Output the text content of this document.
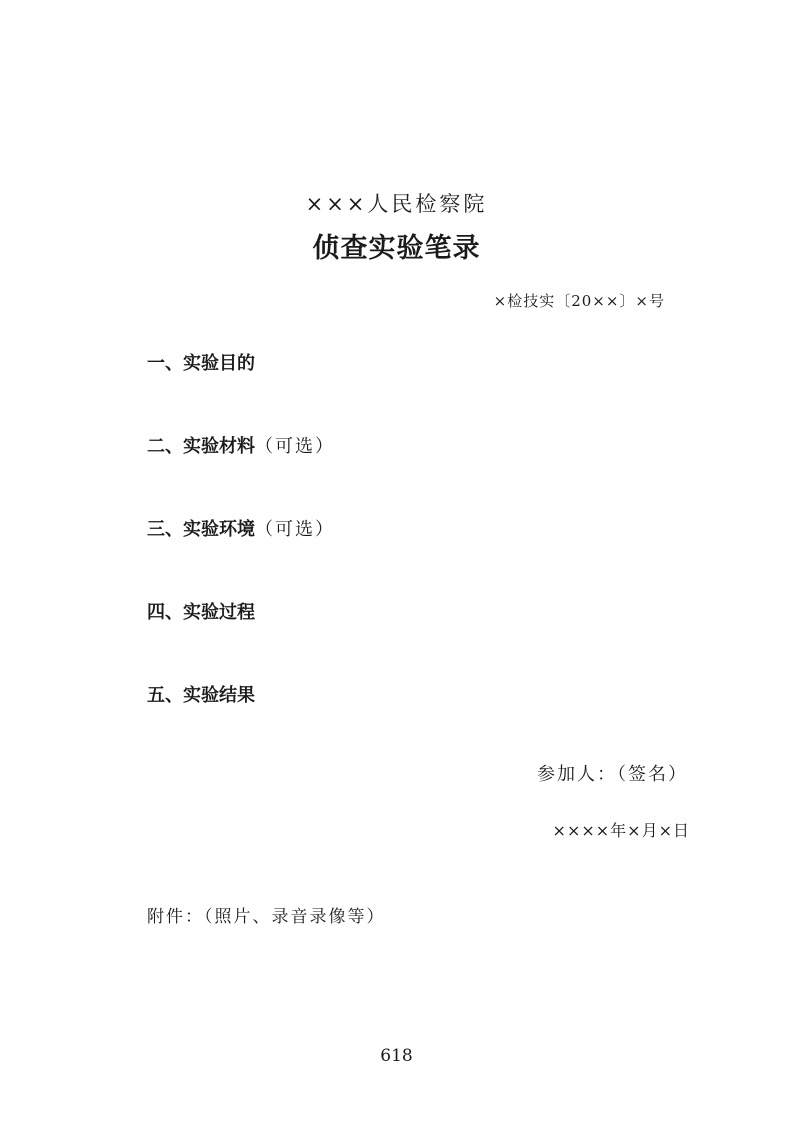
×××人民检察院
侦查实验笔录
×检技实〔20××〕×号
一、实验目的
二、实验材料（可选）
三、实验环境（可选）
四、实验过程
五、实验结果
参加人：（签名）
××××年×月×日
附件：（照片、录音录像等）
618
